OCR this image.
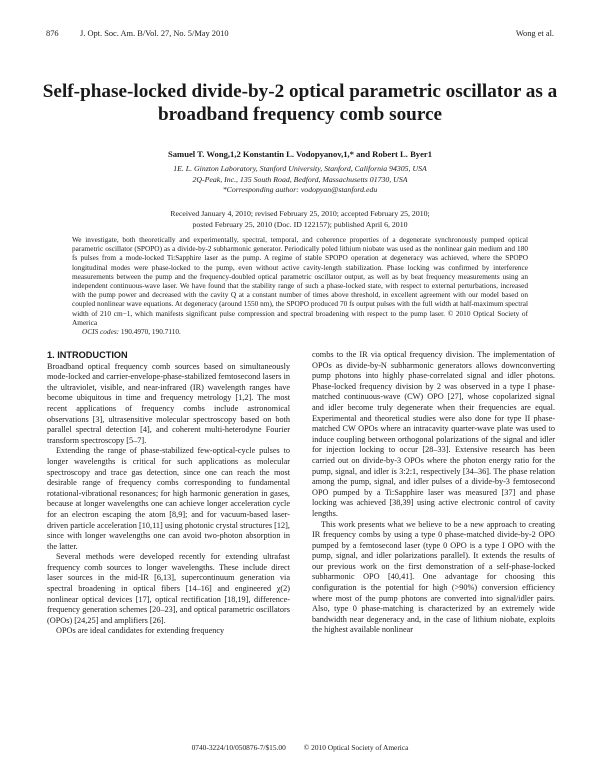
876	J. Opt. Soc. Am. B/Vol. 27, No. 5/May 2010	Wong et al.
Self-phase-locked divide-by-2 optical parametric oscillator as a broadband frequency comb source
Samuel T. Wong,1,2 Konstantin L. Vodopyanov,1,* and Robert L. Byer1
1E. L. Ginzton Laboratory, Stanford University, Stanford, California 94305, USA
2Q-Peak, Inc., 135 South Road, Bedford, Massachusetts 01730, USA
*Corresponding author: vodopyan@stanford.edu
Received January 4, 2010; revised February 25, 2010; accepted February 25, 2010;
posted February 25, 2010 (Doc. ID 122157); published April 6, 2010

We investigate, both theoretically and experimentally, spectral, temporal, and coherence properties of a degenerate synchronously pumped optical parametric oscillator (SPOPO) as a divide-by-2 subharmonic generator. Periodically poled lithium niobate was used as the nonlinear gain medium and 180 fs pulses from a mode-locked Ti:Sapphire laser as the pump. A regime of stable SPOPO operation at degeneracy was achieved, where the SPOPO longitudinal modes were phase-locked to the pump, even without active cavity-length stabilization. Phase locking was confirmed by interference measurements between the pump and the frequency-doubled optical parametric oscillator output, as well as by beat frequency measurements using an independent continuous-wave laser. We have found that the stability range of such a phase-locked state, with respect to external perturbations, increased with the pump power and decreased with the cavity Q at a constant number of times above threshold, in excellent agreement with our model based on coupled nonlinear wave equations. At degeneracy (around 1550 nm), the SPOPO produced 70 fs output pulses with the full width at half-maximum spectral width of 210 cm−1, which manifests significant pulse compression and spectral broadening with respect to the pump laser. © 2010 Optical Society of America

OCIS codes: 190.4970, 190.7110.

1. INTRODUCTION

Broadband optical frequency comb sources based on simultaneously mode-locked and carrier-envelope-phase-stabilized femtosecond lasers in the ultraviolet, visible, and near-infrared (IR) wavelength ranges have become ubiquitous in time and frequency metrology [1,2]. The most recent applications of frequency combs include astronomical observations [3], ultrasensitive molecular spectroscopy based on both parallel spectral detection [4], and coherent multi-heterodyne Fourier transform spectroscopy [5–7].

Extending the range of phase-stabilized few-optical-cycle pulses to longer wavelengths is critical for such applications as molecular spectroscopy and trace gas detection, since one can reach the most desirable range of frequency combs corresponding to fundamental rotational-vibrational resonances; for high harmonic generation in gases, because at longer wavelengths one can achieve longer acceleration cycle for an electron escaping the atom [8,9]; and for vacuum-based laser-driven particle acceleration [10,11] using photonic crystal structures [12], since with longer wavelengths one can avoid two-photon absorption in the latter.

Several methods were developed recently for extending ultrafast frequency comb sources to longer wavelengths. These include direct laser sources in the mid-IR [6,13], supercontinuum generation via spectral broadening in optical fibers [14–16] and engineered χ(2) nonlinear optical devices [17], optical rectification [18,19], difference-frequency generation schemes [20–23], and optical parametric oscillators (OPOs) [24,25] and amplifiers [26].

OPOs are ideal candidates for extending frequency

combs to the IR via optical frequency division. The implementation of OPOs as divide-by-N subharmonic generators allows downconverting pump photons into highly phase-correlated signal and idler photons. Phase-locked frequency division by 2 was observed in a type I phase-matched continuous-wave (CW) OPO [27], whose copolarized signal and idler become truly degenerate when their frequencies are equal. Experimental and theoretical studies were also done for type II phase-matched CW OPOs where an intracavity quarter-wave plate was used to induce coupling between orthogonal polarizations of the signal and idler for injection locking to occur [28–33]. Extensive research has been carried out on divide-by-3 OPOs where the photon energy ratio for the pump, signal, and idler is 3:2:1, respectively [34–36]. The phase relation among the pump, signal, and idler pulses of a divide-by-3 femtosecond OPO pumped by a Ti:Sapphire laser was measured [37] and phase locking was achieved [38,39] using active electronic control of cavity lengths.

This work presents what we believe to be a new approach to creating IR frequency combs by using a type 0 phase-matched divide-by-2 OPO pumped by a femtosecond laser (type 0 OPO is a type I OPO with the pump, signal, and idler polarizations parallel). It extends the results of our previous work on the first demonstration of a self-phase-locked subharmonic OPO [40,41]. One advantage for choosing this configuration is the potential for high (>90%) conversion efficiency where most of the pump photons are converted into signal/idler pairs. Also, type 0 phase-matching is characterized by an extremely wide bandwidth near degeneracy and, in the case of lithium niobate, exploits the highest available nonlinear

0740-3224/10/050876-7/$15.00 © 2010 Optical Society of America
